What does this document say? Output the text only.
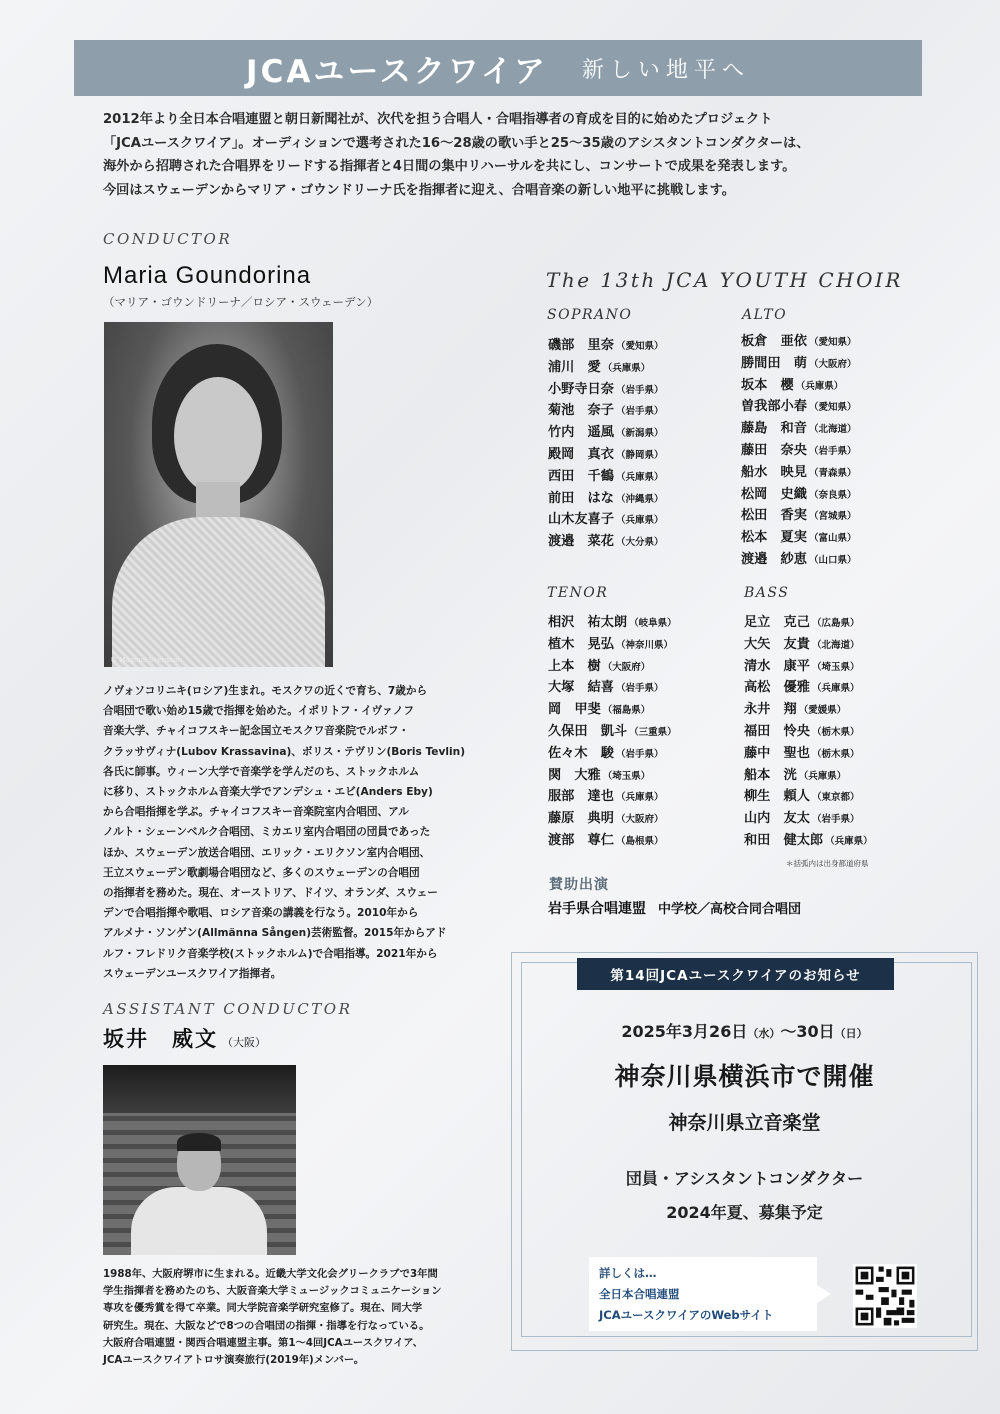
JCAユースクワイア 新しい地平へ

2012年より全日本合唱連盟と朝日新聞社が、次代を担う合唱人・合唱指導者の育成を目的に始めたプロジェクト

「JCAユースクワイア」。オーディションで選考された16〜28歳の歌い手と25〜35歳のアシスタントコンダクターは、

海外から招聘された合唱界をリードする指揮者と4日間の集中リハーサルを共にし、コンサートで成果を発表します。

今回はスウェーデンからマリア・ゴウンドリーナ氏を指揮者に迎え、合唱音楽の新しい地平に挑戦します。

CONDUCTOR
Maria Goundorina
（マリア・ゴウンドリーナ／ロシア・スウェーデン）
© Magnus Svensson

ノヴォソコリニキ(ロシア)生まれ。モスクワの近くで育ち、7歳から

合唱団で歌い始め15歳で指揮を始めた。イポリトフ・イヴァノフ

音楽大学、チャイコフスキー記念国立モスクワ音楽院でルボフ・

クラッサヴィナ(Lubov Krassavina)、ボリス・テヴリン(Boris Tevlin)

各氏に師事。ウィーン大学で音楽学を学んだのち、ストックホルム

に移り、ストックホルム音楽大学でアンデシュ・エビ(Anders Eby)

から合唱指揮を学ぶ。チャイコフスキー音楽院室内合唱団、アル

ノルト・シェーンベルク合唱団、ミカエリ室内合唱団の団員であった

ほか、スウェーデン放送合唱団、エリック・エリクソン室内合唱団、

王立スウェーデン歌劇場合唱団など、多くのスウェーデンの合唱団

の指揮者を務めた。現在、オーストリア、ドイツ、オランダ、スウェー

デンで合唱指揮や歌唱、ロシア音楽の講義を行なう。2010年から

アルメナ・ソンゲン(Allmänna Sången)芸術監督。2015年からアド

ルフ・フレドリク音楽学校(ストックホルム)で合唱指導。2021年から

スウェーデンユースクワイア指揮者。

ASSISTANT CONDUCTOR
坂井　威文 （大阪）

1988年、大阪府堺市に生まれる。近畿大学文化会グリークラブで3年間

学生指揮者を務めたのち、大阪音楽大学ミュージックコミュニケーション

専攻を優秀賞を得て卒業。同大学院音楽学研究室修了。現在、同大学

研究生。現在、大阪などで8つの合唱団の指揮・指導を行なっている。

大阪府合唱連盟・関西合唱連盟主事。第1〜4回JCAユースクワイア、

JCAユースクワイアトロサ演奏旅行(2019年)メンバー。

The 13th JCA YOUTH CHOIR
SOPRANO
磯部　里奈 （愛知県）
浦川　愛 （兵庫県）
小野寺日奈 （岩手県）
菊池　奈子 （岩手県）
竹内　遥風 （新潟県）
殿岡　真衣 （静岡県）
西田　千鶴 （兵庫県）
前田　はな （沖縄県）
山木友喜子 （兵庫県）
渡邉　菜花 （大分県）
ALTO
板倉　亜依 （愛知県）
勝間田　萌 （大阪府）
坂本　櫻 （兵庫県）
曽我部小春 （愛知県）
藤島　和音 （北海道）
藤田　奈央 （岩手県）
船水　映見 （青森県）
松岡　史織 （奈良県）
松田　香実 （宮城県）
松本　夏実 （富山県）
渡邉　紗恵 （山口県）
TENOR
相沢　祐太朗 （岐阜県）
植木　晃弘 （神奈川県）
上本　樹 （大阪府）
大塚　結喜 （岩手県）
岡　甲斐 （福島県）
久保田　凱斗 （三重県）
佐々木　駿 （岩手県）
関　大雅 （埼玉県）
服部　達也 （兵庫県）
藤原　典明 （大阪府）
渡部　尊仁 （島根県）
BASS
足立　克己 （広島県）
大矢　友貴 （北海道）
清水　康平 （埼玉県）
高松　優雅 （兵庫県）
永井　翔 （愛媛県）
福田　怜央 （栃木県）
藤中　聖也 （栃木県）
船本　洸 （兵庫県）
柳生　頼人 （東京都）
山内　友太 （岩手県）
和田　健太郎 （兵庫県）
＊括弧内は出身都道府県
賛助出演
岩手県合唱連盟 中学校／高校合同合唱団
第14回JCAユースクワイアのお知らせ
2025年3月26日（水）〜30日（日）
神奈川県横浜市で開催
神奈川県立音楽堂
団員・アシスタントコンダクター
2024年夏、募集予定
詳しくは…
全日本合唱連盟
JCAユースクワイアのWebサイト
